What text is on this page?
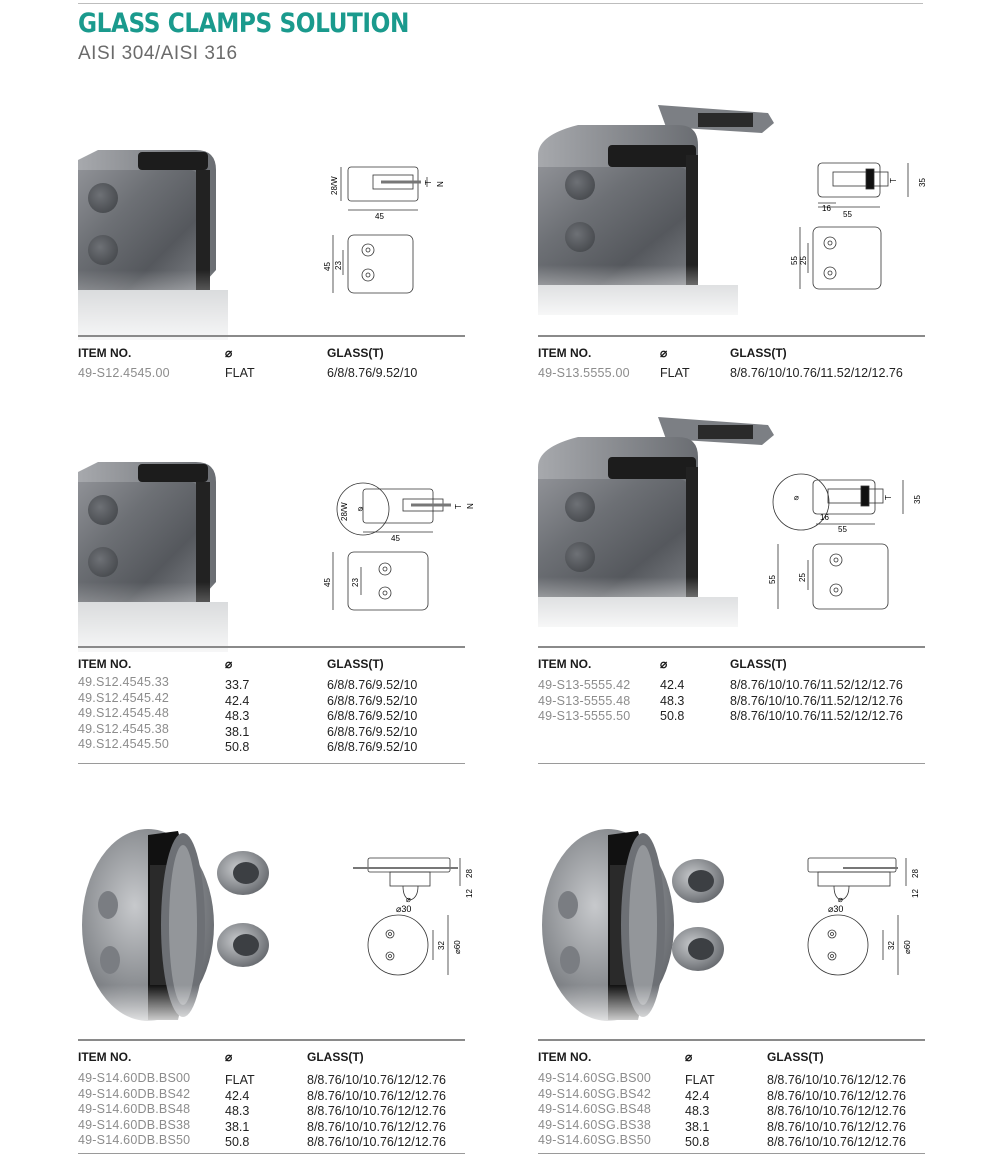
GLASS CLAMPS SOLUTION
AISI 304/AISI 316
28/W	T N
45
45 23
ITEM NO.	⌀	GLASS(T)
49-S12.4545.00	FLAT	6/8/8.76/9.52/10
35
T
16
55
55 25
ITEM NO.	⌀	GLASS(T)
49-S13.5555.00 FLAT	8/8.76/10/10.76/11.52/12/12.76
28/W ⌀	T N
45
45 23
ITEM NO.	⌀	GLASS(T)
49.S12.4545.33	33.7	6/8/8.76/9.52/10
49.S12.4545.42	42.4	6/8/8.76/9.52/10
49.S12.4545.48	48.3	6/8/8.76/9.52/10
49.S12.4545.38	38.1	6/8/8.76/9.52/10
49.S12.4545.50	50.8	6/8/8.76/9.52/10
⌀	35
T
16
55
55	25
ITEM NO.	⌀	GLASS(T)
49-S13-5555.42 42.4	8/8.76/10/10.76/11.52/12/12.76
49-S13-5555.48 48.3	8/8.76/10/10.76/11.52/12/12.76
49-S13-5555.50 50.8	8/8.76/10/10.76/11.52/12/12.76
28
12
⌀
⌀30
32 ⌀60
ITEM NO.	⌀	GLASS(T)
49-S14.60DB.BS00	FLAT	8/8.76/10/10.76/12/12.76
49-S14.60DB.BS42	42.4	8/8.76/10/10.76/12/12.76
49-S14.60DB.BS48	48.3	8/8.76/10/10.76/12/12.76
49-S14.60DB.BS38	38.1	8/8.76/10/10.76/12/12.76
49-S14.60DB.BS50	50.8	8/8.76/10/10.76/12/12.76
28
12
⌀
⌀30
32 ⌀60
ITEM NO.	⌀	GLASS(T)
49-S14.60SG.BS00	FLAT	8/8.76/10/10.76/12/12.76
49-S14.60SG.BS42	42.4	8/8.76/10/10.76/12/12.76
49-S14.60SG.BS48	48.3	8/8.76/10/10.76/12/12.76
49-S14.60SG.BS38	38.1	8/8.76/10/10.76/12/12.76
49-S14.60SG.BS50	50.8	8/8.76/10/10.76/12/12.76
